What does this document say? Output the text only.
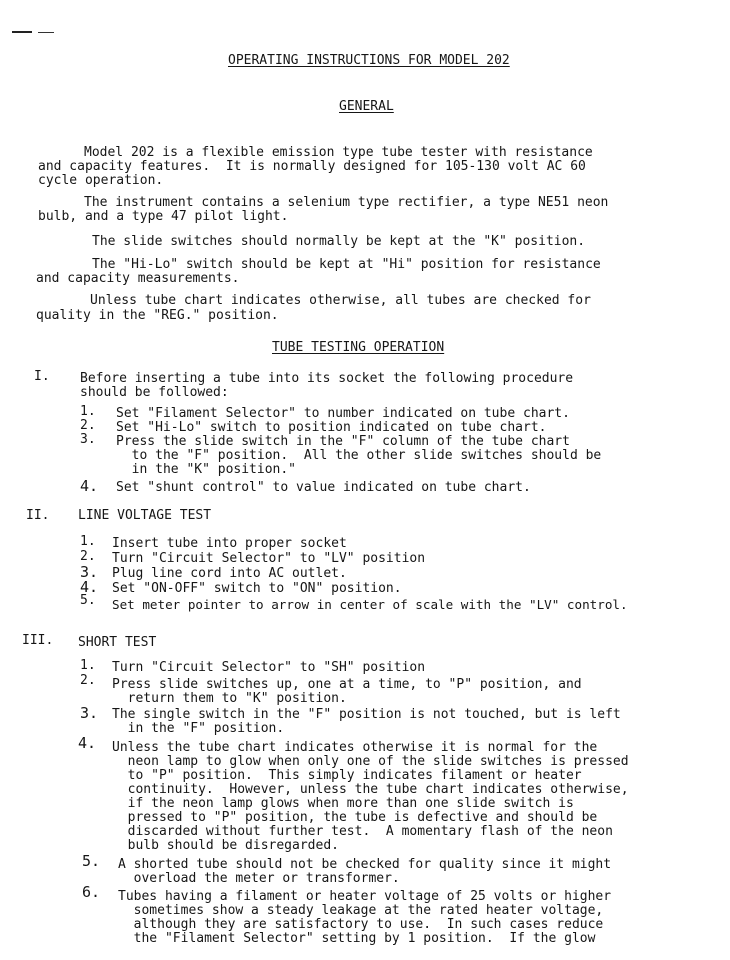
OPERATING INSTRUCTIONS FOR MODEL 202
GENERAL
Model 202 is a flexible emission type tube tester with resistance
and capacity features.  It is normally designed for 105-130 volt AC 60
cycle operation.
The instrument contains a selenium type rectifier, a type NE51 neon
bulb, and a type 47 pilot light.
The slide switches should normally be kept at the "K" position.
The "Hi-Lo" switch should be kept at "Hi" position for resistance
and capacity measurements.
Unless tube chart indicates otherwise, all tubes are checked for
quality in the "REG." position.
TUBE TESTING OPERATION
I. Before inserting a tube into its socket the following procedure
should be followed:
1. Set "Filament Selector" to number indicated on tube chart.
2. Set "Hi-Lo" switch to position indicated on tube chart.
3. Press the slide switch in the "F" column of the tube chart
to the "F" position.  All the other slide switches should be
in the "K" position."
4. Set "shunt control" to value indicated on tube chart.
II. LINE VOLTAGE TEST
1. Insert tube into proper socket
2. Turn "Circuit Selector" to "LV" position
3. Plug line cord into AC outlet.
4. Set "ON-OFF" switch to "ON" position.
5. Set meter pointer to arrow in center of scale with the "LV" control.
III. SHORT TEST
1. Turn "Circuit Selector" to "SH" position
2. Press slide switches up, one at a time, to "P" position, and
return them to "K" position.
3. The single switch in the "F" position is not touched, but is left
in the "F" position.
4. Unless the tube chart indicates otherwise it is normal for the
neon lamp to glow when only one of the slide switches is pressed
to "P" position.  This simply indicates filament or heater
continuity.  However, unless the tube chart indicates otherwise,
if the neon lamp glows when more than one slide switch is
pressed to "P" position, the tube is defective and should be
discarded without further test.  A momentary flash of the neon
bulb should be disregarded.
5. A shorted tube should not be checked for quality since it might
overload the meter or transformer.
6. Tubes having a filament or heater voltage of 25 volts or higher
sometimes show a steady leakage at the rated heater voltage,
although they are satisfactory to use.  In such cases reduce
the "Filament Selector" setting by 1 position.  If the glow
